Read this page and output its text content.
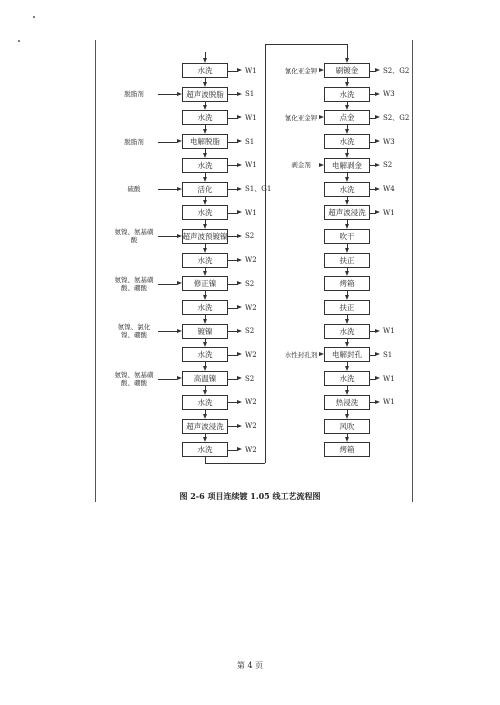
水洗	W1
超声波脱脂	S1
脱脂剂
水洗	W1
电解脱脂	S1
脱脂剂
水洗	W1
活化	S1、G1
硫酸
水洗	W1
超声波预镀镍	S2
氨镍、氨基磺酸
水洗	W2
修正镍	S2
氨镍、氨基磺酸、硼酸
水洗	W2
镀镍	S2
氨镍、氯化镍、硼酸
水洗	W2
高温镍	S2
氨镍、氨基磺酸、硼酸
水洗	W2
超声波浸洗	W2
水洗	W2
刷镀金	S2、G2
氰化亚金钾
水洗	W3
点金	S2、G2
氰化亚金钾
水洗	W3
电解剥金	S2
剥金剂
水洗	W4
超声波浸洗	W1
吹干
扶正
烤箱
扶正
水洗	W1
电解封孔	S1
水性封孔剂
水洗	W1
热浸洗	W1
风吹
烤箱
图 2-6 项目连续镀 1.05 线工艺流程图
第 4 页
